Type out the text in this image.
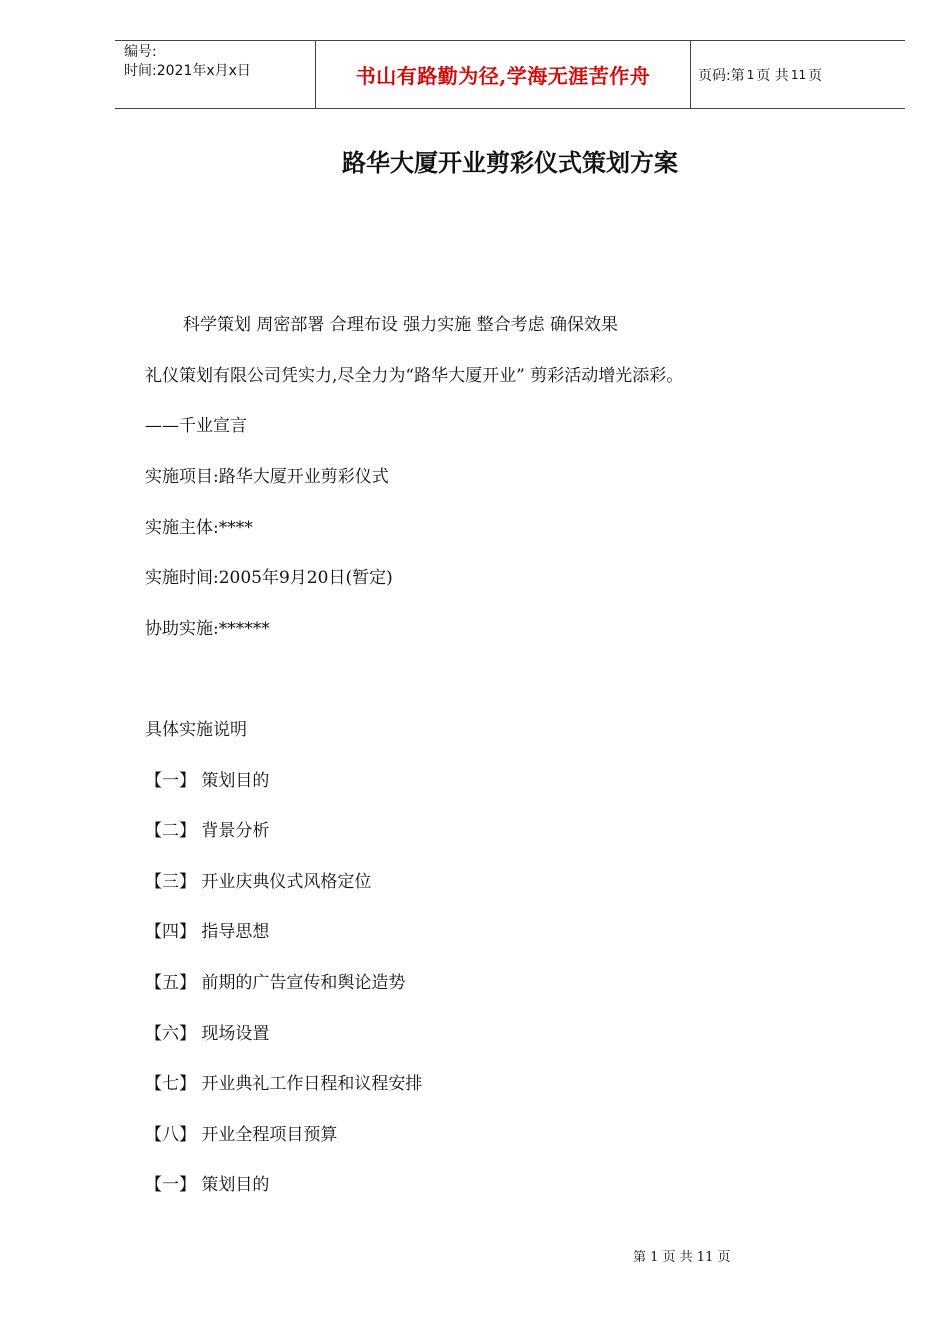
编号:
时间:2021年x月x日	书山有路勤为径,学海无涯苦作舟	页码:第 1 页 共 11 页
路华大厦开业剪彩仪式策划方案
科学策划 周密部署 合理布设 强力实施 整合考虑 确保效果
礼仪策划有限公司凭实力,尽全力为“路华大厦开业” 剪彩活动增光添彩。
——千业宣言
实施项目:路华大厦开业剪彩仪式
实施主体:****
实施时间:2005年9月20日(暂定)
协助实施:******
具体实施说明
【一】 策划目的
【二】 背景分析
【三】 开业庆典仪式风格定位
【四】 指导思想
【五】 前期的广告宣传和舆论造势
【六】 现场设置
【七】 开业典礼工作日程和议程安排
【八】 开业全程项目预算
【一】 策划目的
第 1 页 共 11 页
